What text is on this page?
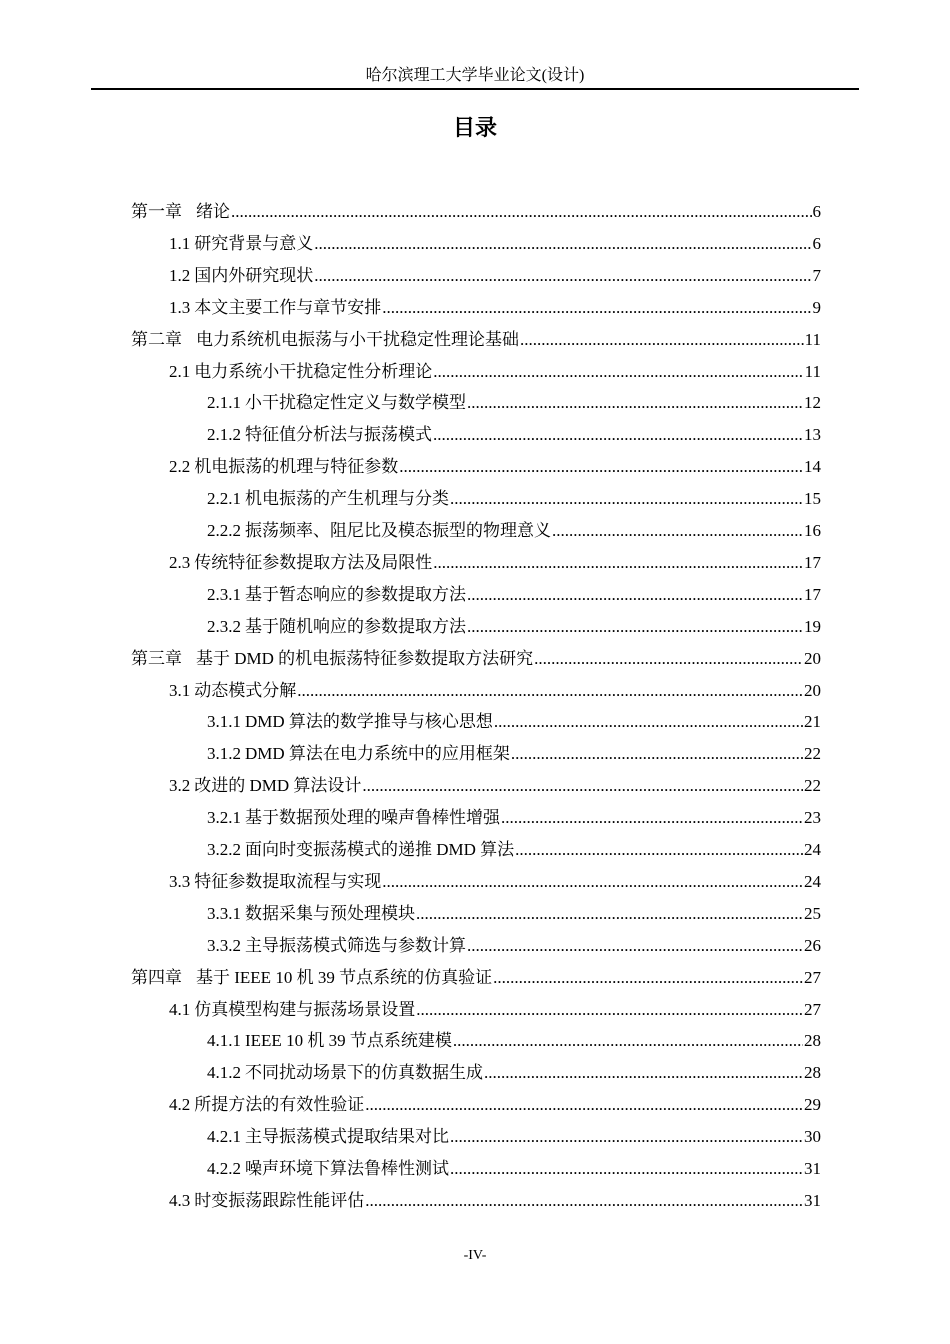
哈尔滨理工大学毕业论文(设计)
目录
第一章 绪论 .....	6
1.1 研究背景与意义 .....	6
1.2 国内外研究现状 .....	7
1.3 本文主要工作与章节安排 .....	9
第二章 电力系统机电振荡与小干扰稳定性理论基础 .....	11
2.1 电力系统小干扰稳定性分析理论 .....	11
2.1.1 小干扰稳定性定义与数学模型 .....	12
2.1.2 特征值分析法与振荡模式 .....	13
2.2 机电振荡的机理与特征参数 .....	14
2.2.1 机电振荡的产生机理与分类 .....	15
2.2.2 振荡频率、阻尼比及模态振型的物理意义 .....	16
2.3 传统特征参数提取方法及局限性 .....	17
2.3.1 基于暂态响应的参数提取方法 .....	17
2.3.2 基于随机响应的参数提取方法 .....	19
第三章 基于 DMD 的机电振荡特征参数提取方法研究 .....	20
3.1 动态模式分解 .....	20
3.1.1 DMD 算法的数学推导与核心思想 .....	21
3.1.2 DMD 算法在电力系统中的应用框架 .....	22
3.2 改进的 DMD 算法设计 .....	22
3.2.1 基于数据预处理的噪声鲁棒性增强 .....	23
3.2.2 面向时变振荡模式的递推 DMD 算法 .....	24
3.3 特征参数提取流程与实现 .....	24
3.3.1 数据采集与预处理模块 .....	25
3.3.2 主导振荡模式筛选与参数计算 .....	26
第四章 基于 IEEE 10 机 39 节点系统的仿真验证 .....	27
4.1 仿真模型构建与振荡场景设置 .....	27
4.1.1 IEEE 10 机 39 节点系统建模 .....	28
4.1.2 不同扰动场景下的仿真数据生成 .....	28
4.2 所提方法的有效性验证 .....	29
4.2.1 主导振荡模式提取结果对比 .....	30
4.2.2 噪声环境下算法鲁棒性测试 .....	31
4.3 时变振荡跟踪性能评估 .....	31
-IV-
